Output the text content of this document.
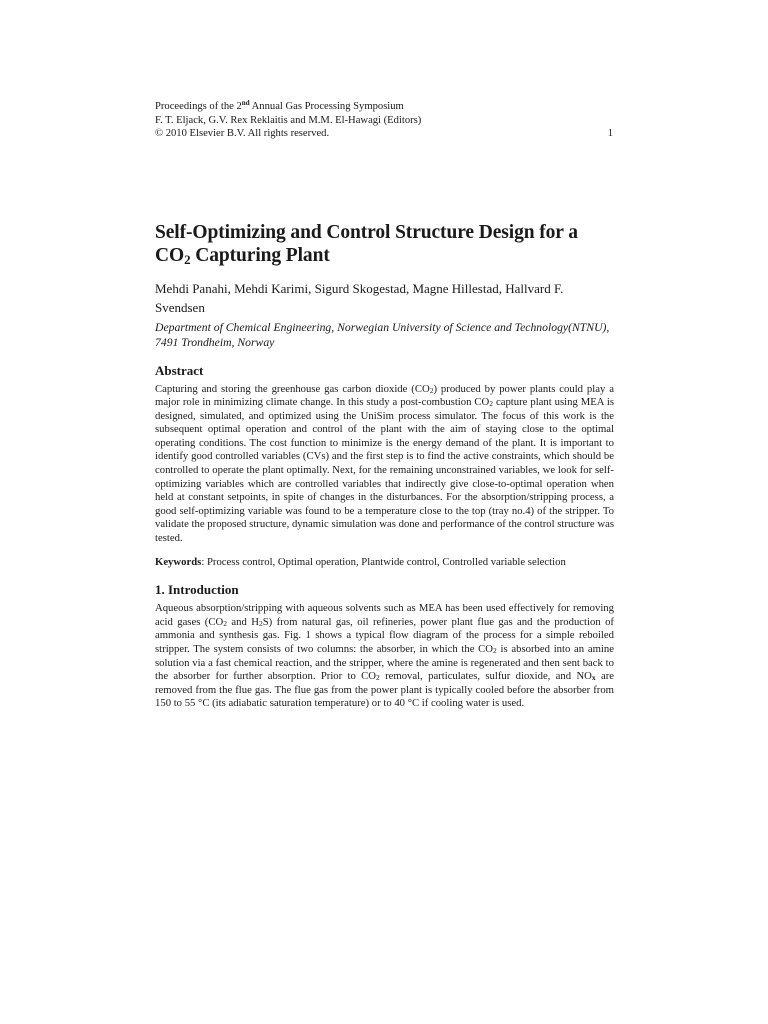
Proceedings of the 2nd Annual Gas Processing Symposium
F. T. Eljack, G.V. Rex Reklaitis and M.M. El-Hawagi (Editors)
© 2010 Elsevier B.V. All rights reserved.	1
Self-Optimizing and Control Structure Design for a $CO_2$ Capturing Plant

Mehdi Panahi, Mehdi Karimi, Sigurd Skogestad, Magne Hillestad, Hallvard F. Svendsen

Department of Chemical Engineering, Norwegian University of Science and Technology(NTNU), 7491 Trondheim, Norway

Abstract

Capturing and storing the greenhouse gas carbon dioxide $(CO_2)$ produced by power plants could play a major role in minimizing climate change. In this study a post-combustion $CO_2$ capture plant using MEA is designed, simulated, and optimized using the UniSim process simulator. The focus of this work is the subsequent optimal operation and control of the plant with the aim of staying close to the optimal operating conditions. The cost function to minimize is the energy demand of the plant. It is important to identify good controlled variables (CVs) and the first step is to find the active constraints, which should be controlled to operate the plant optimally. Next, for the remaining unconstrained variables, we look for self-optimizing variables which are controlled variables that indirectly give close-to-optimal operation when held at constant setpoints, in spite of changes in the disturbances. For the absorption/stripping process, a good self-optimizing variable was found to be a temperature close to the top (tray no.4) of the stripper. To validate the proposed structure, dynamic simulation was done and performance of the control structure was tested.

Keywords: Process control, Optimal operation, Plantwide control, Controlled variable selection

1. Introduction

Aqueous absorption/stripping with aqueous solvents such as MEA has been used effectively for removing acid gases ($CO_2$ and $H_2S$) from natural gas, oil refineries, power plant flue gas and the production of ammonia and synthesis gas. Fig. 1 shows a typical flow diagram of the process for a simple reboiled stripper. The system consists of two columns: the absorber, in which the $CO_2$ is absorbed into an amine solution via a fast chemical reaction, and the stripper, where the amine is regenerated and then sent back to the absorber for further absorption. Prior to $CO_2$ removal, particulates, sulfur dioxide, and $NO_x$ are removed from the flue gas. The flue gas from the power plant is typically cooled before the absorber from 150 to 55 °C (its adiabatic saturation temperature) or to 40 °C if cooling water is used.
